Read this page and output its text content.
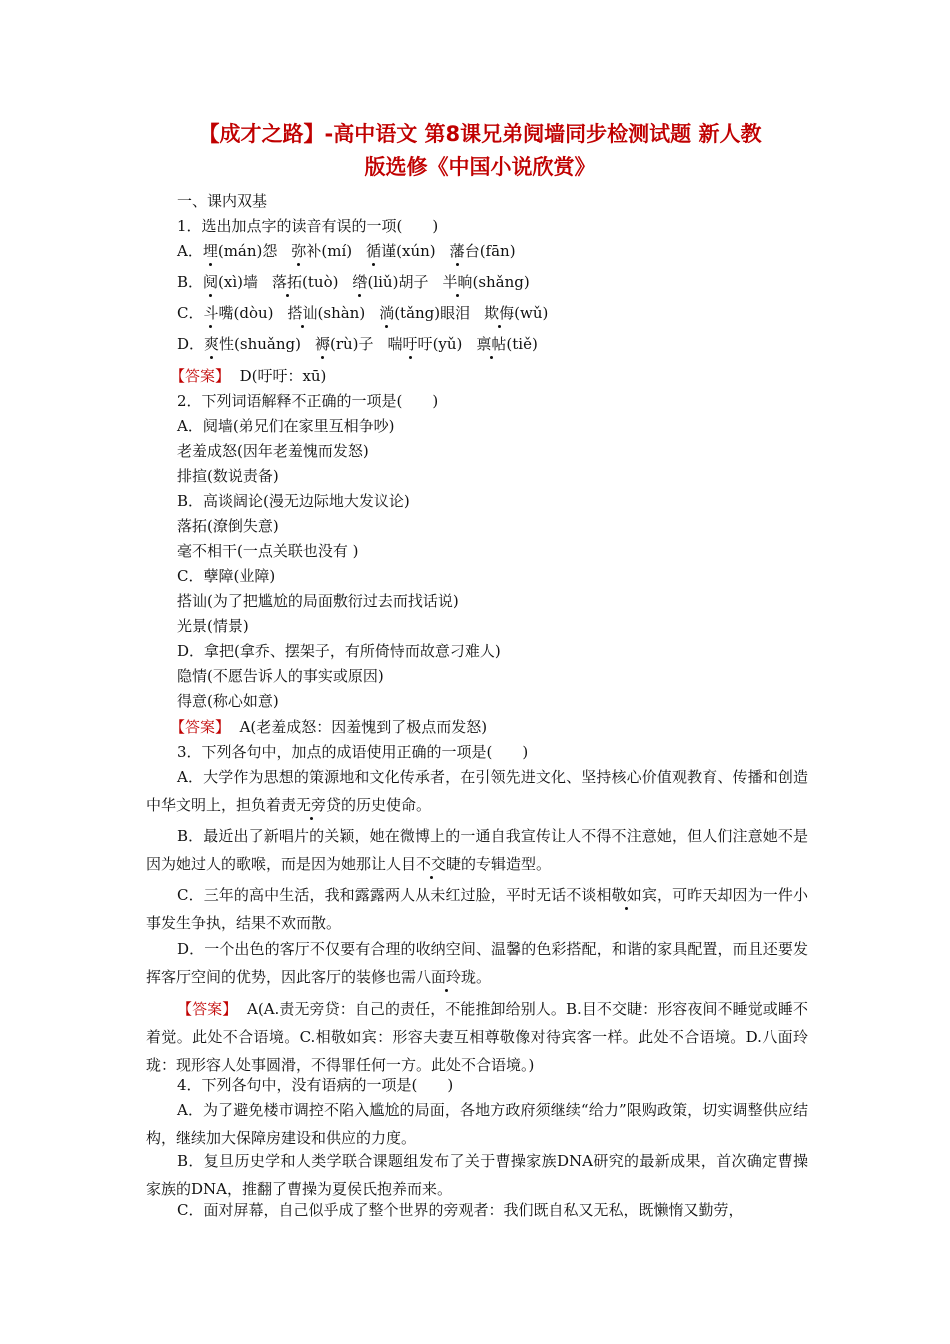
【成才之路】-高中语文 第8课兄弟阋墙同步检测试题 新人教
版选修《中国小说欣赏》
一、课内双基
1．选出加点字的读音有误的一项(　　)
A．埋(mán)怨 弥补(mí) 循谨(xún) 藩台(fān)
B．阋(xì)墙 落拓(tuò) 绺(liǔ)胡子 半晌(shǎng)
C．斗嘴(dòu) 搭讪(shàn) 淌(tǎng)眼泪 欺侮(wǔ)
D．爽性(shuǎng) 褥(rù)子 喘吁吁(yǔ) 禀帖(tiě)
【答案】 D(吁吁：xū)
2．下列词语解释不正确的一项是(　　)
A．阋墙(弟兄们在家里互相争吵)
老羞成怒(因年老羞愧而发怒)
排揎(数说责备)
B．高谈阔论(漫无边际地大发议论)
落拓(潦倒失意)
毫不相干(一点关联也没有 )
C．孽障(业障)
搭讪(为了把尴尬的局面敷衍过去而找话说)
光景(情景)
D．拿把(拿乔、摆架子，有所倚恃而故意刁难人)
隐情(不愿告诉人的事实或原因)
得意(称心如意)
【答案】 A(老羞成怒：因羞愧到了极点而发怒)
3．下列各句中，加点的成语使用正确的一项是(　　)
A．大学作为思想的策源地和文化传承者，在引领先进文化、坚持核心价值观教育、传播和创造中华文明上，担负着责无旁贷的历史使命。
B．最近出了新唱片的关颖，她在微博上的一通自我宣传让人不得不注意她，但人们注意她不是因为她过人的歌喉，而是因为她那让人目不交睫的专辑造型。
C．三年的高中生活，我和露露两人从未红过脸，平时无话不谈相敬如宾，可昨天却因为一件小事发生争执，结果不欢而散。
D．一个出色的客厅不仅要有合理的收纳空间、温馨的色彩搭配，和谐的家具配置，而且还要发挥客厅空间的优势，因此客厅的装修也需八面玲珑。
【答案】 A(A.责无旁贷：自己的责任，不能推卸给别人。B.目不交睫：形容夜间不睡觉或睡不着觉。此处不合语境。C.相敬如宾：形容夫妻互相尊敬像对待宾客一样。此处不合语境。D.八面玲珑：现形容人处事圆滑，不得罪任何一方。此处不合语境。)
4．下列各句中，没有语病的一项是(　　)
A．为了避免楼市调控不陷入尴尬的局面，各地方政府须继续“给力”限购政策，切实调整供应结构，继续加大保障房建设和供应的力度。
B．复旦历史学和人类学联合课题组发布了关于曹操家族DNA研究的最新成果，首次确定曹操家族的DNA，推翻了曹操为夏侯氏抱养而来。
C．面对屏幕，自己似乎成了整个世界的旁观者：我们既自私又无私，既懒惰又勤劳，
